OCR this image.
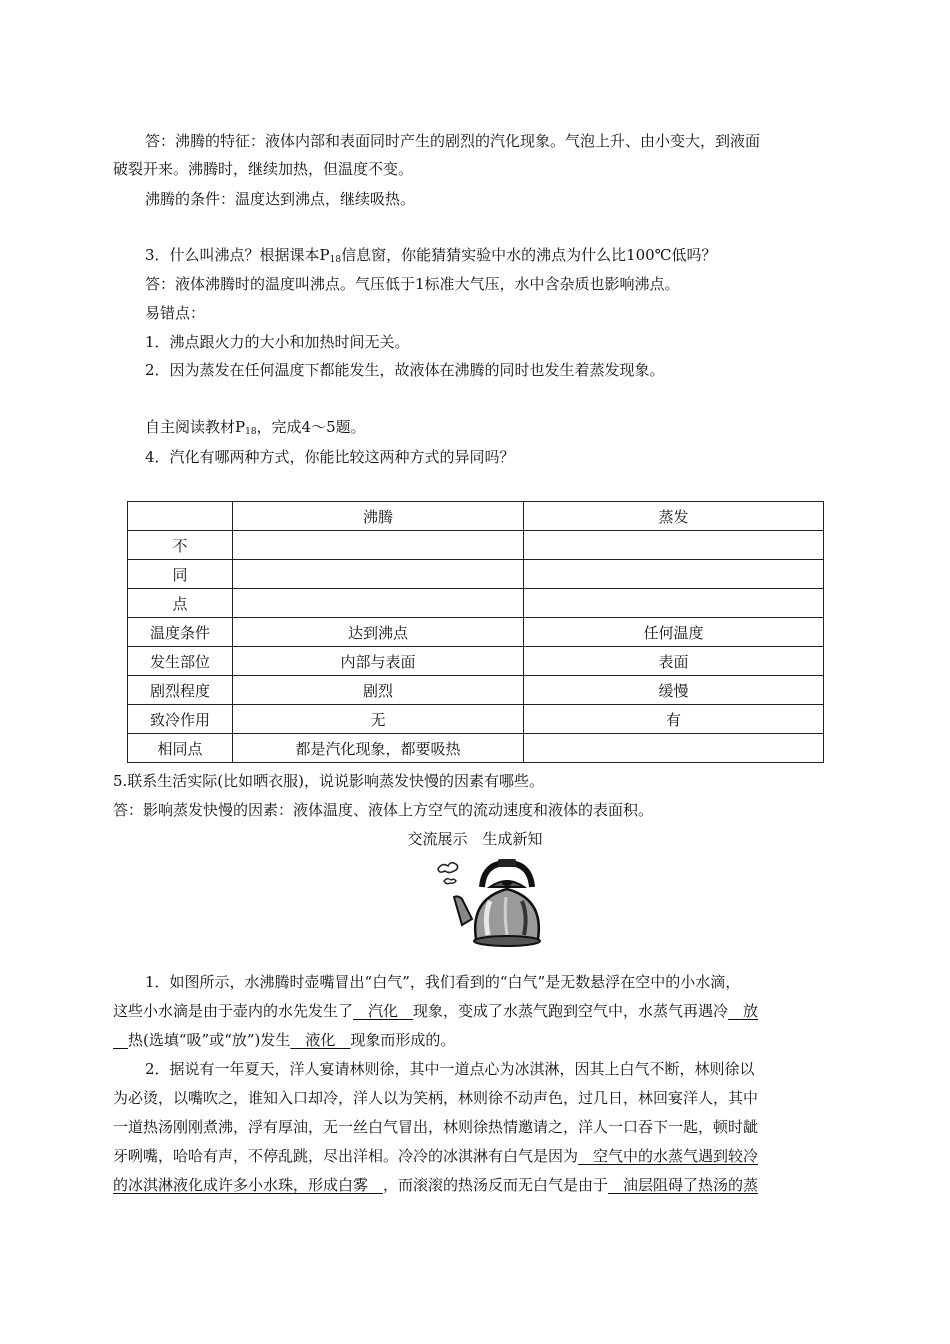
答：沸腾的特征：液体内部和表面同时产生的剧烈的汽化现象。气泡上升、由小变大，到液面
破裂开来。沸腾时，继续加热，但温度不变。
沸腾的条件：温度达到沸点，继续吸热。
3．什么叫沸点？根据课本$P_{18}$信息窗，你能猜猜实验中水的沸点为什么比100℃低吗？
答：液体沸腾时的温度叫沸点。气压低于1标准大气压，水中含杂质也影响沸点。
易错点：
1．沸点跟火力的大小和加热时间无关。
2．因为蒸发在任何温度下都能发生，故液体在沸腾的同时也发生着蒸发现象。
自主阅读教材$P_{18}$，完成4～5题。
4．汽化有哪两种方式，你能比较这两种方式的异同吗？
	沸腾	蒸发
不		
同		
点		
温度条件	达到沸点	任何温度
发生部位	内部与表面	表面
剧烈程度	剧烈	缓慢
致冷作用	无	有
相同点	都是汽化现象，都要吸热	
5.联系生活实际(比如晒衣服)，说说影响蒸发快慢的因素有哪些。
答：影响蒸发快慢的因素：液体温度、液体上方空气的流动速度和液体的表面积。
交流展示　生成新知
1．如图所示，水沸腾时壶嘴冒出“白气”，我们看到的“白气”是无数悬浮在空中的小水滴，
这些小水滴是由于壶内的水先发生了　汽化　现象，变成了水蒸气跑到空气中，水蒸气再遇冷　放
　热(选填“吸”或“放”)发生　液化　现象而形成的。
2．据说有一年夏天，洋人宴请林则徐，其中一道点心为冰淇淋，因其上白气不断，林则徐以
为必烫，以嘴吹之，谁知入口却冷，洋人以为笑柄，林则徐不动声色，过几日，林回宴洋人，其中
一道热汤刚刚煮沸，浮有厚油，无一丝白气冒出，林则徐热情邀请之，洋人一口吞下一匙，顿时龇
牙咧嘴，哈哈有声，不停乱跳，尽出洋相。冷冷的冰淇淋有白气是因为　空气中的水蒸气遇到较冷
的冰淇淋液化成许多小水珠，形成白雾　，而滚滚的热汤反而无白气是由于　油层阻碍了热汤的蒸
